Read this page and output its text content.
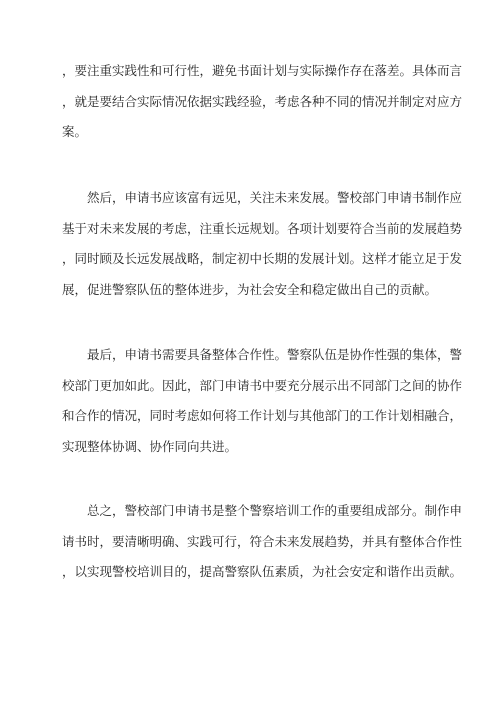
，要注重实践性和可行性，避免书面计划与实际操作存在落差。具体而言
，就是要结合实际情况依据实践经验，考虑各种不同的情况并制定对应方
案。
然后，申请书应该富有远见，关注未来发展。警校部门申请书制作应
基于对未来发展的考虑，注重长远规划。各项计划要符合当前的发展趋势
，同时顾及长远发展战略，制定初中长期的发展计划。这样才能立足于发
展，促进警察队伍的整体进步，为社会安全和稳定做出自己的贡献。
最后，申请书需要具备整体合作性。警察队伍是协作性强的集体，警
校部门更加如此。因此，部门申请书中要充分展示出不同部门之间的协作
和合作的情况，同时考虑如何将工作计划与其他部门的工作计划相融合，
实现整体协调、协作同向共进。
总之，警校部门申请书是整个警察培训工作的重要组成部分。制作申
请书时，要清晰明确、实践可行，符合未来发展趋势，并具有整体合作性
，以实现警校培训目的，提高警察队伍素质，为社会安定和谐作出贡献。
